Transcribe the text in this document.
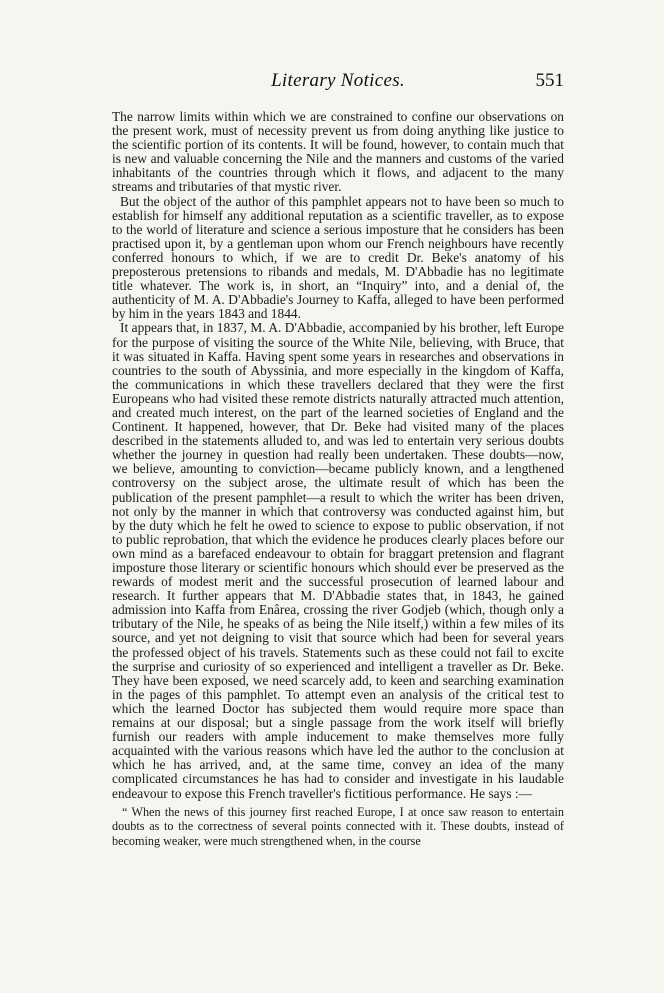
Literary Notices.	551

The narrow limits within which we are constrained to confine our observations on the present work, must of necessity prevent us from doing anything like justice to the scientific portion of its contents. It will be found, however, to contain much that is new and valuable concerning the Nile and the manners and customs of the varied inhabitants of the countries through which it flows, and adjacent to the many streams and tributaries of that mystic river.

But the object of the author of this pamphlet appears not to have been so much to establish for himself any additional reputation as a scientific traveller, as to expose to the world of literature and science a serious imposture that he considers has been practised upon it, by a gentleman upon whom our French neighbours have recently conferred honours to which, if we are to credit Dr. Beke's anatomy of his preposterous pretensions to ribands and medals, M. D'Abbadie has no legitimate title whatever. The work is, in short, an “Inquiry” into, and a denial of, the authenticity of M. A. D'Abbadie's Journey to Kaffa, alleged to have been performed by him in the years 1843 and 1844.

It appears that, in 1837, M. A. D'Abbadie, accompanied by his brother, left Europe for the purpose of visiting the source of the White Nile, believing, with Bruce, that it was situated in Kaffa. Having spent some years in researches and observations in countries to the south of Abyssinia, and more especially in the kingdom of Kaffa, the communications in which these travellers declared that they were the first Europeans who had visited these remote districts naturally attracted much attention, and created much interest, on the part of the learned societies of England and the Continent. It happened, however, that Dr. Beke had visited many of the places described in the statements alluded to, and was led to entertain very serious doubts whether the journey in question had really been undertaken. These doubts—now, we believe, amounting to conviction—became publicly known, and a lengthened controversy on the subject arose, the ultimate result of which has been the publication of the present pamphlet—a result to which the writer has been driven, not only by the manner in which that controversy was conducted against him, but by the duty which he felt he owed to science to expose to public observation, if not to public reprobation, that which the evidence he produces clearly places before our own mind as a barefaced endeavour to obtain for braggart pretension and flagrant imposture those literary or scientific honours which should ever be preserved as the rewards of modest merit and the successful prosecution of learned labour and research. It further appears that M. D'Abbadie states that, in 1843, he gained admission into Kaffa from Enârea, crossing the river Godjeb (which, though only a tributary of the Nile, he speaks of as being the Nile itself,) within a few miles of its source, and yet not deigning to visit that source which had been for several years the professed object of his travels. Statements such as these could not fail to excite the surprise and curiosity of so experienced and intelligent a traveller as Dr. Beke. They have been exposed, we need scarcely add, to keen and searching examination in the pages of this pamphlet. To attempt even an analysis of the critical test to which the learned Doctor has subjected them would require more space than remains at our disposal; but a single passage from the work itself will briefly furnish our readers with ample inducement to make themselves more fully acquainted with the various reasons which have led the author to the conclusion at which he has arrived, and, at the same time, convey an idea of the many complicated circumstances he has had to consider and investigate in his laudable endeavour to expose this French traveller's fictitious performance. He says :—

“ When the news of this journey first reached Europe, I at once saw reason to entertain doubts as to the correctness of several points connected with it. These doubts, instead of becoming weaker, were much strengthened when, in the course
